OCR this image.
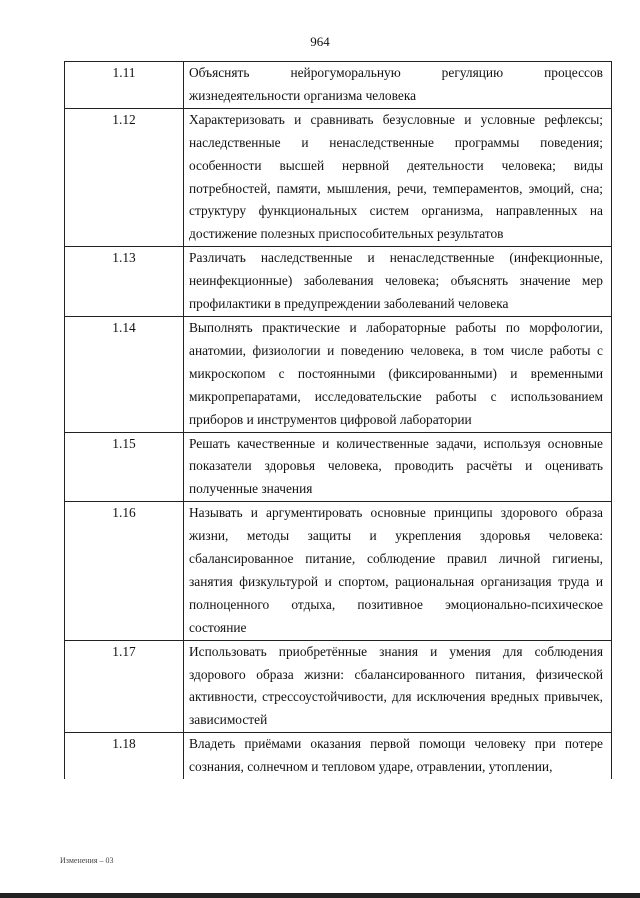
964
1.11	Объяснять нейрогуморальную регуляцию процессов жизнедеятельности организма человека
1.12	Характеризовать и сравнивать безусловные и условные рефлексы; наследственные и ненаследственные программы поведения; особенности высшей нервной деятельности человека; виды потребностей, памяти, мышления, речи, темпераментов, эмоций, сна; структуру функциональных систем организма, направленных на достижение полезных приспособительных результатов
1.13	Различать наследственные и ненаследственные (инфекционные, неинфекционные) заболевания человека; объяснять значение мер профилактики в предупреждении заболеваний человека
1.14	Выполнять практические и лабораторные работы по морфологии, анатомии, физиологии и поведению человека, в том числе работы с микроскопом с постоянными (фиксированными) и временными микропрепаратами, исследовательские работы с использованием приборов и инструментов цифровой лаборатории
1.15	Решать качественные и количественные задачи, используя основные показатели здоровья человека, проводить расчёты и оценивать полученные значения
1.16	Называть и аргументировать основные принципы здорового образа жизни, методы защиты и укрепления здоровья человека: сбалансированное питание, соблюдение правил личной гигиены, занятия физкультурой и спортом, рациональная организация труда и полноценного отдыха, позитивное эмоционально-психическое состояние
1.17	Использовать приобретённые знания и умения для соблюдения здорового образа жизни: сбалансированного питания, физической активности, стрессоустойчивости, для исключения вредных привычек, зависимостей
1.18	Владеть приёмами оказания первой помощи человеку при потере сознания, солнечном и тепловом ударе, отравлении, утоплении,
Изменения – 03
